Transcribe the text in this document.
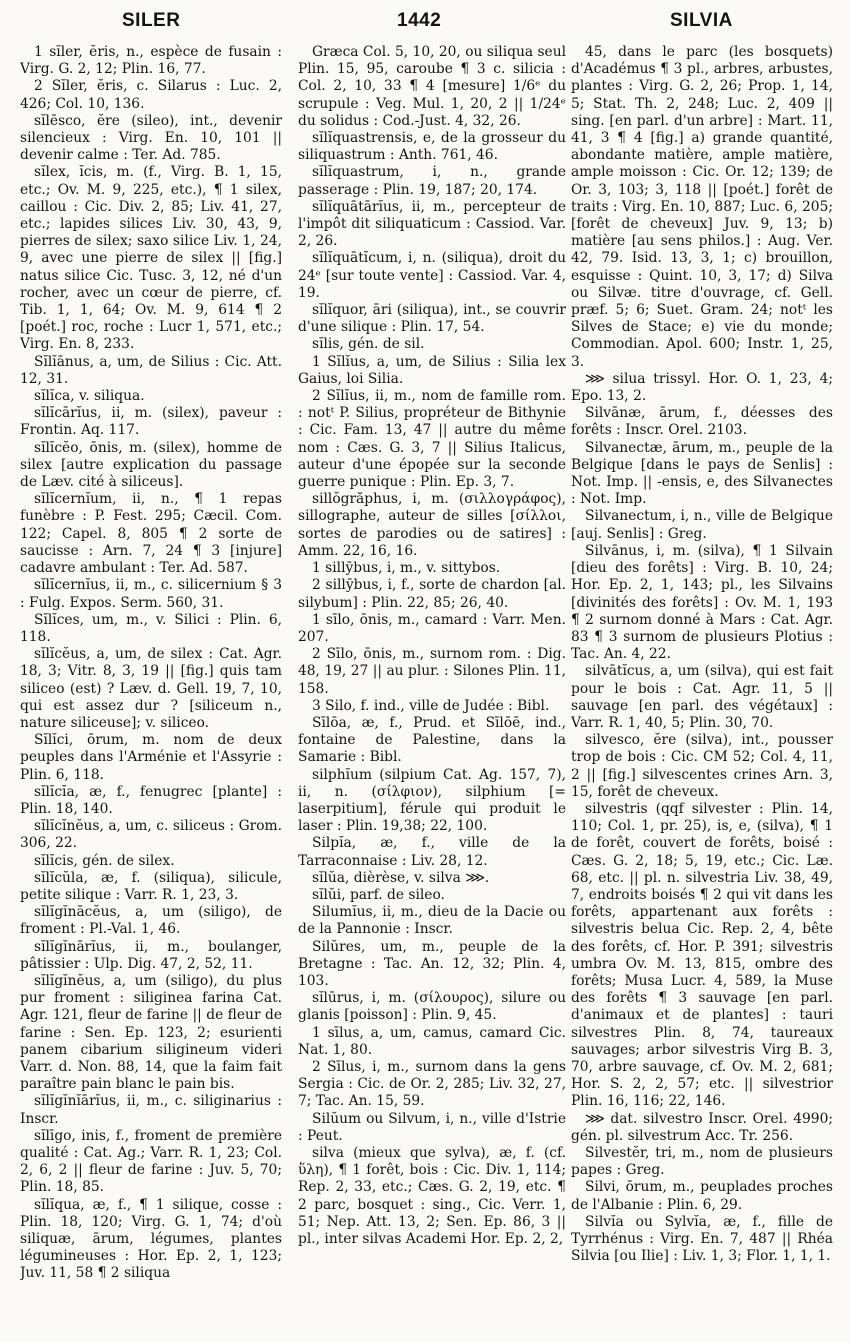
SILER	1442	SILVIA

1 sĭler, ĕris, n., espèce de fusain : Virg. G. 2, 12; Plin. 16, 77.

2 Sĭler, ĕris, c. Silarus : Luc. 2, 426; Col. 10, 136.

sĭlēsco, ĕre (sileo), int., devenir silencieux : Virg. En. 10, 101 || devenir calme : Ter. Ad. 785.

sĭlex, ĭcis, m. (f., Virg. B. 1, 15, etc.; Ov. M. 9, 225, etc.), ¶ 1 silex, caillou : Cic. Div. 2, 85; Liv. 41, 27, etc.; lapides silices Liv. 30, 43, 9, pierres de silex; saxo silice Liv. 1, 24, 9, avec une pierre de silex || [fig.] natus silice Cic. Tusc. 3, 12, né d'un rocher, avec un cœur de pierre, cf. Tib. 1, 1, 64; Ov. M. 9, 614 ¶ 2 [poét.] roc, roche : Lucr 1, 571, etc.; Virg. En. 8, 233.

Sĭlĭānus, a, um, de Silius : Cic. Att. 12, 31.

sĭlĭca, v. siliqua.

sĭlĭcārĭus, ii, m. (silex), paveur : Frontin. Aq. 117.

sĭlĭcĕo, ōnis, m. (silex), homme de silex [autre explication du passage de Læv. cité à siliceus].

sĭlĭcernĭum, ii, n., ¶ 1 repas funèbre : P. Fest. 295; Cæcil. Com. 122; Capel. 8, 805 ¶ 2 sorte de saucisse : Arn. 7, 24 ¶ 3 [injure] cadavre ambulant : Ter. Ad. 587.

sĭlĭcernĭus, ii, m., c. silicernium § 3 : Fulg. Expos. Serm. 560, 31.

Sĭlĭces, um, m., v. Silici : Plin. 6, 118.

sĭlĭcĕus, a, um, de silex : Cat. Agr. 18, 3; Vitr. 8, 3, 19 || [fig.] quis tam siliceo (est) ? Læv. d. Gell. 19, 7, 10, qui est assez dur ? [siliceum n., nature siliceuse]; v. siliceo.

Sĭlĭci, ōrum, m. nom de deux peuples dans l'Arménie et l'Assyrie : Plin. 6, 118.

sĭlĭcĭa, æ, f., fenugrec [plante] : Plin. 18, 140.

sĭlĭcĭnĕus, a, um, c. siliceus : Grom. 306, 22.

sĭlĭcis, gén. de silex.

sĭlĭcŭla, æ, f. (siliqua), silicule, petite silique : Varr. R. 1, 23, 3.

sĭlĭgĭnācĕus, a, um (siligo), de froment : Pl.-Val. 1, 46.

sĭlĭgĭnārĭus, ii, m., boulanger, pâtissier : Ulp. Dig. 47, 2, 52, 11.

sĭlĭgĭnĕus, a, um (siligo), du plus pur froment : siliginea farina Cat. Agr. 121, fleur de farine || de fleur de farine : Sen. Ep. 123, 2; esurienti panem cibarium siligineum videri Varr. d. Non. 88, 14, que la faim fait paraître pain blanc le pain bis.

sĭlĭgĭnĭārĭus, ii, m., c. siliginarius : Inscr.

sĭlīgo, inis, f., froment de première qualité : Cat. Ag.; Varr. R. 1, 23; Col. 2, 6, 2 || fleur de farine : Juv. 5, 70; Plin. 18, 85.

sĭlĭqua, æ, f., ¶ 1 silique, cosse : Plin. 18, 120; Virg. G. 1, 74; d'où siliquæ, ārum, légumes, plantes légumineuses : Hor. Ep. 2, 1, 123; Juv. 11, 58 ¶ 2 siliqua

Græca Col. 5, 10, 20, ou siliqua seul Plin. 15, 95, caroube ¶ 3 c. silicia : Col. 2, 10, 33 ¶ 4 [mesure] 1/6ᵉ du scrupule : Veg. Mul. 1, 20, 2 || 1/24ᵉ du solidus : Cod.-Just. 4, 32, 26.

sĭlĭquastrensis, e, de la grosseur du siliquastrum : Anth. 761, 46.

sĭlĭquastrum, i, n., grande passerage : Plin. 19, 187; 20, 174.

sĭlĭquātārĭus, ii, m., percepteur de l'impôt dit siliquaticum : Cassiod. Var. 2, 26.

sĭlĭquātĭcum, i, n. (siliqua), droit du 24ᵉ [sur toute vente] : Cassiod. Var. 4, 19.

sĭlĭquor, āri (siliqua), int., se couvrir d'une silique : Plin. 17, 54.

sĭlis, gén. de sil.

1 Sĭlĭus, a, um, de Silius : Silia lex Gaius, loi Silia.

2 Sĭlĭus, ii, m., nom de famille rom. : notᵗ P. Silius, propréteur de Bithynie : Cic. Fam. 13, 47 || autre du même nom : Cæs. G. 3, 7 || Silius Italicus, auteur d'une épopée sur la seconde guerre punique : Plin. Ep. 3, 7.

sillŏgrăphus, i, m. (σιλλογράφος), sillographe, auteur de silles [σίλλοι, sortes de parodies ou de satires] : Amm. 22, 16, 16.

1 sillȳbus, i, m., v. sittybos.

2 sillȳbus, i, f., sorte de chardon [al. silybum] : Plin. 22, 85; 26, 40.

1 sīlo, ōnis, m., camard : Varr. Men. 207.

2 Sīlo, ōnis, m., surnom rom. : Dig. 48, 19, 27 || au plur. : Silones Plin. 11, 158.

3 Silo, f. ind., ville de Judée : Bibl.

Sīlōa, æ, f., Prud. et Sīlōē, ind., fontaine de Palestine, dans la Samarie : Bibl.

silphĭum (silpium Cat. Ag. 157, 7), ii, n. (σίλφιον), silphium [= laserpitium], férule qui produit le laser : Plin. 19,38; 22, 100.

Silpĭa, æ, f., ville de la Tarraconnaise : Liv. 28, 12.

sĭlŭa, dièrèse, v. silva ⋙.

sĭlŭi, parf. de sileo.

Silumĭus, ii, m., dieu de la Dacie ou de la Pannonie : Inscr.

Silŭres, um, m., peuple de la Bretagne : Tac. An. 12, 32; Plin. 4, 103.

sĭlūrus, i, m. (σίλουρος), silure ou glanis [poisson] : Plin. 9, 45.

1 sīlus, a, um, camus, camard Cic. Nat. 1, 80.

2 Sīlus, i, m., surnom dans la gens Sergia : Cic. de Or. 2, 285; Liv. 32, 27, 7; Tac. An. 15, 59.

Silŭum ou Silvum, i, n., ville d'Istrie : Peut.

silva (mieux que sylva), æ, f. (cf. ὕλη), ¶ 1 forêt, bois : Cic. Div. 1, 114; Rep. 2, 33, etc.; Cæs. G. 2, 19, etc. ¶ 2 parc, bosquet : sing., Cic. Verr. 1, 51; Nep. Att. 13, 2; Sen. Ep. 86, 3 || pl., inter silvas Academi Hor. Ep. 2, 2,

45, dans le parc (les bosquets) d'Académus ¶ 3 pl., arbres, arbustes, plantes : Virg. G. 2, 26; Prop. 1, 14, 5; Stat. Th. 2, 248; Luc. 2, 409 || sing. [en parl. d'un arbre] : Mart. 11, 41, 3 ¶ 4 [fig.] a) grande quantité, abondante matière, ample matière, ample moisson : Cic. Or. 12; 139; de Or. 3, 103; 3, 118 || [poét.] forêt de traits : Virg. En. 10, 887; Luc. 6, 205; [forêt de cheveux] Juv. 9, 13; b) matière [au sens philos.] : Aug. Ver. 42, 79. Isid. 13, 3, 1; c) brouillon, esquisse : Quint. 10, 3, 17; d) Silva ou Silvæ. titre d'ouvrage, cf. Gell. præf. 5; 6; Suet. Gram. 24; notᵗ les Silves de Stace; e) vie du monde; Commodian. Apol. 600; Instr. 1, 25, 3.

⋙ silua trissyl. Hor. O. 1, 23, 4; Epo. 13, 2.

Silvānæ, ārum, f., déesses des forêts : Inscr. Orel. 2103.

Silvanectæ, ārum, m., peuple de la Belgique [dans le pays de Senlis] : Not. Imp. || -ensis, e, des Silvanectes : Not. Imp.

Silvanectum, i, n., ville de Belgique [auj. Senlis] : Greg.

Silvānus, i, m. (silva), ¶ 1 Silvain [dieu des forêts] : Virg. B. 10, 24; Hor. Ep. 2, 1, 143; pl., les Silvains [divinités des forêts] : Ov. M. 1, 193 ¶ 2 surnom donné à Mars : Cat. Agr. 83 ¶ 3 surnom de plusieurs Plotius : Tac. An. 4, 22.

silvātĭcus, a, um (silva), qui est fait pour le bois : Cat. Agr. 11, 5 || sauvage [en parl. des végétaux] : Varr. R. 1, 40, 5; Plin. 30, 70.

silvesco, ĕre (silva), int., pousser trop de bois : Cic. CM 52; Col. 4, 11, 2 || [fig.] silvescentes crines Arn. 3, 15, forêt de cheveux.

silvestris (qqf silvester : Plin. 14, 110; Col. 1, pr. 25), is, e, (silva), ¶ 1 de forêt, couvert de forêts, boisé : Cæs. G. 2, 18; 5, 19, etc.; Cic. Læ. 68, etc. || pl. n. silvestria Liv. 38, 49, 7, endroits boisés ¶ 2 qui vit dans les forêts, appartenant aux forêts : silvestris belua Cic. Rep. 2, 4, bête des forêts, cf. Hor. P. 391; silvestris umbra Ov. M. 13, 815, ombre des forêts; Musa Lucr. 4, 589, la Muse des forêts ¶ 3 sauvage [en parl. d'animaux et de plantes] : tauri silvestres Plin. 8, 74, taureaux sauvages; arbor silvestris Virg B. 3, 70, arbre sauvage, cf. Ov. M. 2, 681; Hor. S. 2, 2, 57; etc. || silvestrior Plin. 16, 116; 22, 146.

⋙ dat. silvestro Inscr. Orel. 4990; gén. pl. silvestrum Acc. Tr. 256.

Silvestĕr, tri, m., nom de plusieurs papes : Greg.

Silvi, ōrum, m., peuplades proches de l'Albanie : Plin. 6, 29.

Silvĭa ou Sylvĭa, æ, f., fille de Tyrrhénus : Virg. En. 7, 487 || Rhéa Silvia [ou Ilie] : Liv. 1, 3; Flor. 1, 1, 1.
